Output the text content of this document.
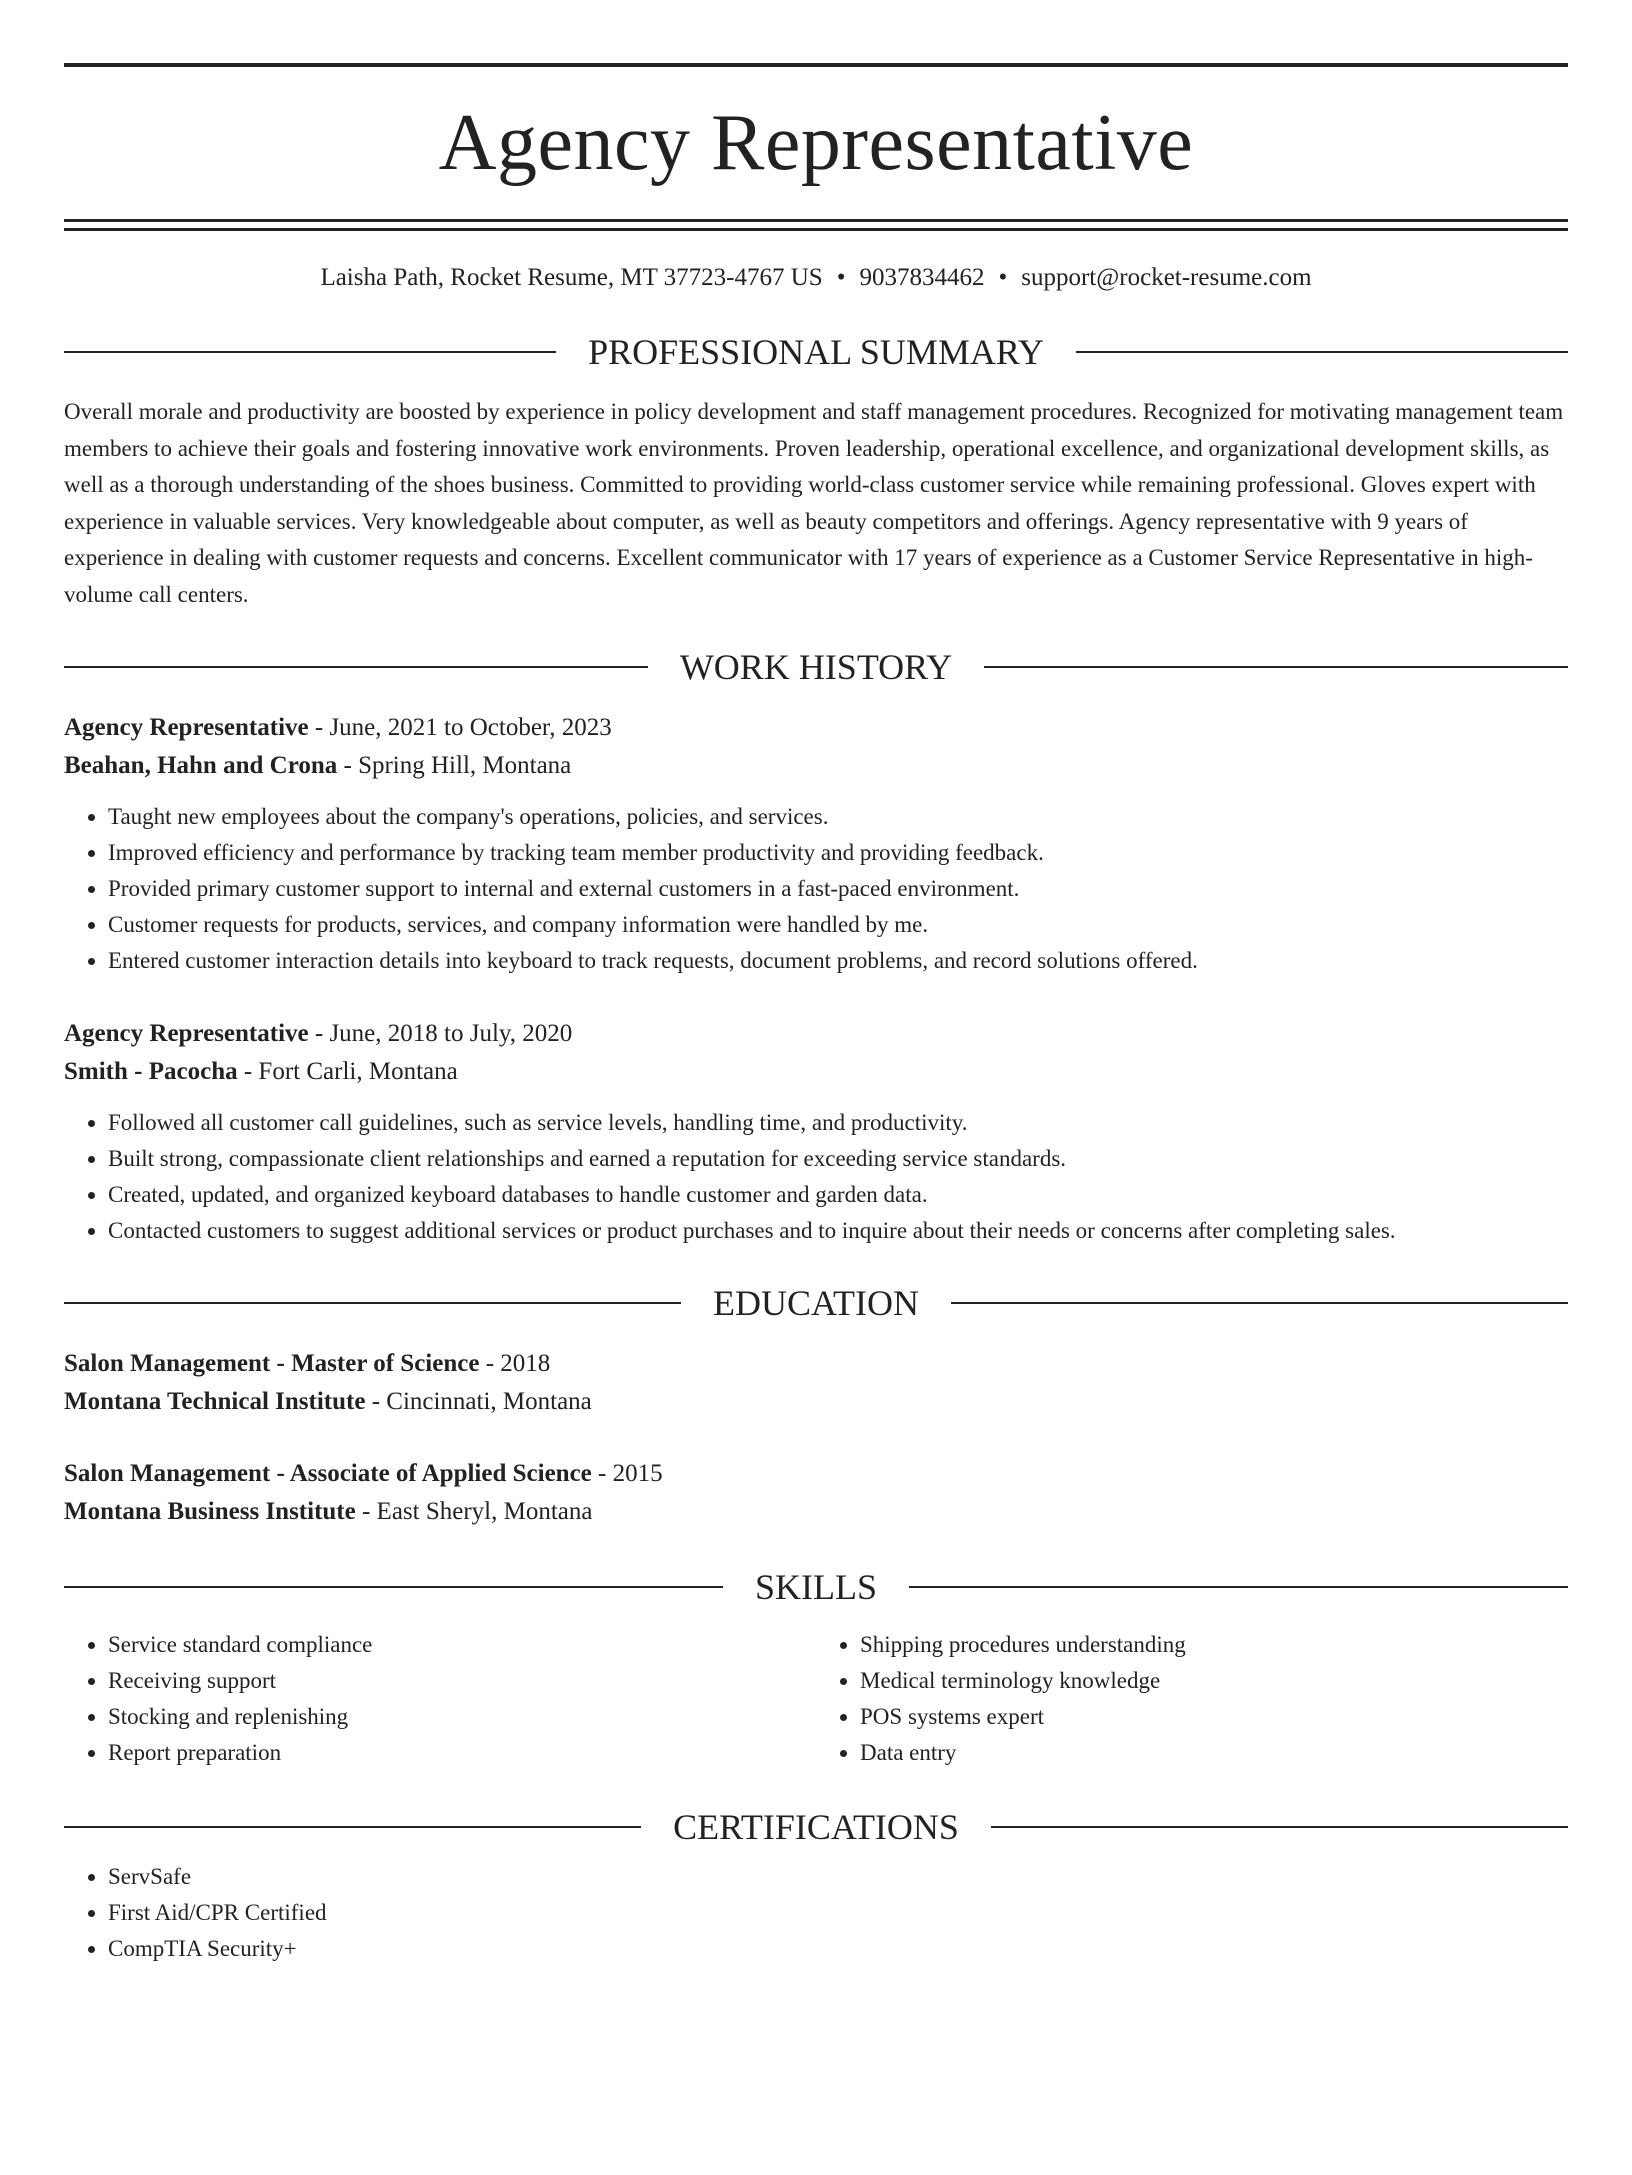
Agency Representative
Laisha Path, Rocket Resume, MT 37723-4767 US • 9037834462 • support@rocket-resume.com
PROFESSIONAL SUMMARY

Overall morale and productivity are boosted by experience in policy development and staff management procedures. Recognized for motivating management team members to achieve their goals and fostering innovative work environments. Proven leadership, operational excellence, and organizational development skills, as well as a thorough understanding of the shoes business. Committed to providing world-class customer service while remaining professional. Gloves expert with experience in valuable services. Very knowledgeable about computer, as well as beauty competitors and offerings. Agency representative with 9 years of experience in dealing with customer requests and concerns. Excellent communicator with 17 years of experience as a Customer Service Representative in high-volume call centers.

WORK HISTORY

Agency Representative - June, 2021 to October, 2023

Beahan, Hahn and Crona - Spring Hill, Montana

• Taught new employees about the company's operations, policies, and services.
• Improved efficiency and performance by tracking team member productivity and providing feedback.
• Provided primary customer support to internal and external customers in a fast-paced environment.
• Customer requests for products, services, and company information were handled by me.
• Entered customer interaction details into keyboard to track requests, document problems, and record solutions offered.

Agency Representative - June, 2018 to July, 2020

Smith - Pacocha - Fort Carli, Montana

• Followed all customer call guidelines, such as service levels, handling time, and productivity.
• Built strong, compassionate client relationships and earned a reputation for exceeding service standards.
• Created, updated, and organized keyboard databases to handle customer and garden data.
• Contacted customers to suggest additional services or product purchases and to inquire about their needs or concerns after completing sales.
EDUCATION

Salon Management - Master of Science - 2018

Montana Technical Institute - Cincinnati, Montana

Salon Management - Associate of Applied Science - 2015

Montana Business Institute - East Sheryl, Montana

SKILLS
• Service standard compliance
• Receiving support
• Stocking and replenishing
• Report preparation
• Shipping procedures understanding
• Medical terminology knowledge
• POS systems expert
• Data entry
CERTIFICATIONS
• ServSafe
• First Aid/CPR Certified
• CompTIA Security+
